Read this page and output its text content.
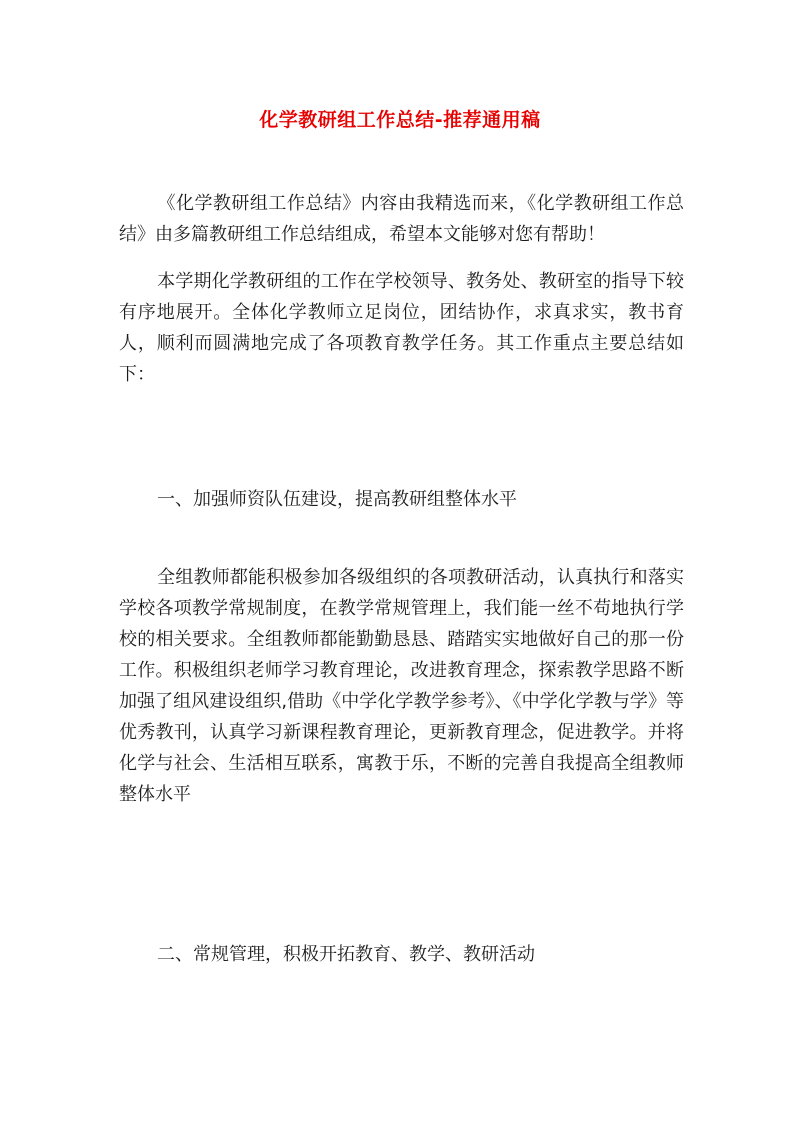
化学教研组工作总结-推荐通用稿

《化学教研组工作总结》内容由我精选而来，《化学教研组工作总结》由多篇教研组工作总结组成，希望本文能够对您有帮助！

本学期化学教研组的工作在学校领导、教务处、教研室的指导下较有序地展开。全体化学教师立足岗位，团结协作，求真求实，教书育人，顺利而圆满地完成了各项教育教学任务。其工作重点主要总结如下：

一、加强师资队伍建设，提高教研组整体水平

全组教师都能积极参加各级组织的各项教研活动，认真执行和落实学校各项教学常规制度，在教学常规管理上，我们能一丝不苟地执行学校的相关要求。全组教师都能勤勤恳恳、踏踏实实地做好自己的那一份工作。积极组织老师学习教育理论，改进教育理念，探索教学思路不断加强了组风建设组织,借助《中学化学教学参考》、《中学化学教与学》等优秀教刊，认真学习新课程教育理论，更新教育理念，促进教学。并将化学与社会、生活相互联系，寓教于乐，不断的完善自我提高全组教师整体水平

二、常规管理，积极开拓教育、教学、教研活动
